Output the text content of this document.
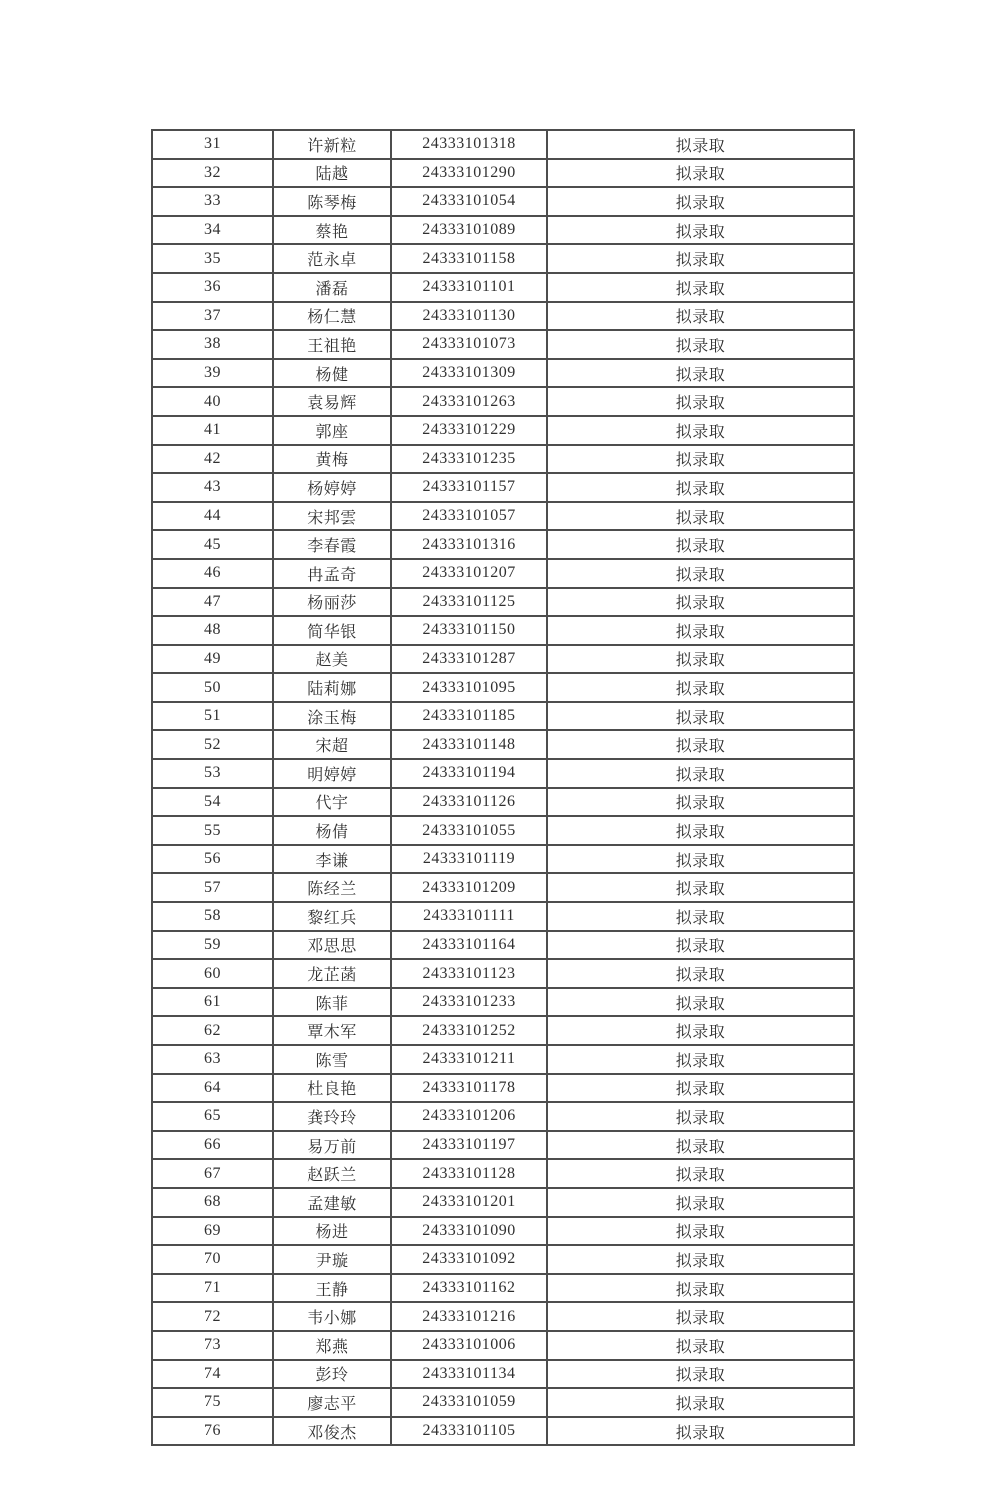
31	许新粒	24333101318	拟录取
32	陆越	24333101290	拟录取
33	陈琴梅	24333101054	拟录取
34	蔡艳	24333101089	拟录取
35	范永卓	24333101158	拟录取
36	潘磊	24333101101	拟录取
37	杨仁慧	24333101130	拟录取
38	王祖艳	24333101073	拟录取
39	杨健	24333101309	拟录取
40	袁易辉	24333101263	拟录取
41	郭座	24333101229	拟录取
42	黄梅	24333101235	拟录取
43	杨婷婷	24333101157	拟录取
44	宋邦雲	24333101057	拟录取
45	李春霞	24333101316	拟录取
46	冉孟奇	24333101207	拟录取
47	杨丽莎	24333101125	拟录取
48	简华银	24333101150	拟录取
49	赵美	24333101287	拟录取
50	陆莉娜	24333101095	拟录取
51	涂玉梅	24333101185	拟录取
52	宋超	24333101148	拟录取
53	明婷婷	24333101194	拟录取
54	代宇	24333101126	拟录取
55	杨倩	24333101055	拟录取
56	李谦	24333101119	拟录取
57	陈经兰	24333101209	拟录取
58	黎红兵	24333101111	拟录取
59	邓思思	24333101164	拟录取
60	龙芷菡	24333101123	拟录取
61	陈菲	24333101233	拟录取
62	覃木军	24333101252	拟录取
63	陈雪	24333101211	拟录取
64	杜良艳	24333101178	拟录取
65	龚玲玲	24333101206	拟录取
66	易万前	24333101197	拟录取
67	赵跃兰	24333101128	拟录取
68	孟建敏	24333101201	拟录取
69	杨进	24333101090	拟录取
70	尹璇	24333101092	拟录取
71	王静	24333101162	拟录取
72	韦小娜	24333101216	拟录取
73	郑燕	24333101006	拟录取
74	彭玲	24333101134	拟录取
75	廖志平	24333101059	拟录取
76	邓俊杰	24333101105	拟录取
